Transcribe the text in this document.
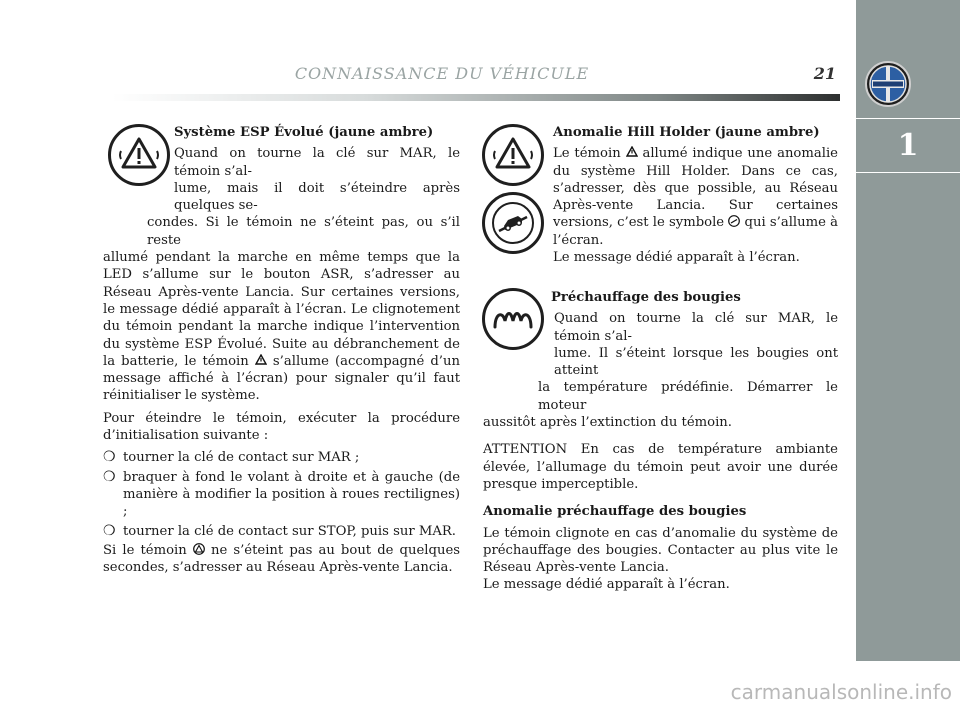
1
CONNAISSANCE DU VÉHICULE	21

Système ESP Évolué (jaune ambre)

Quand on tourne la clé sur MAR, le témoin s’al-

lume, mais il doit s’éteindre après quelques se-

condes. Si le témoin ne s’éteint pas, ou s’il reste

allumé pendant la marche en même temps que la LED s’allume sur le bouton ASR, s’adresser au Réseau Après-vente Lancia. Sur certaines versions, le message dédié apparaît à l’écran. Le clignotement du témoin pendant la marche indique l’intervention du système ESP Évolué. Suite au débranchement de la batterie, le témoin s’allume (accompagné d’un message affiché à l’écran) pour signaler qu’il faut réinitialiser le système.

Pour éteindre le témoin, exécuter la procédure d’initialisation suivante :

❍ tourner la clé de contact sur MAR ;
❍ braquer à fond le volant à droite et à gauche (de manière à modifier la position à roues rectilignes) ;
❍ tourner la clé de contact sur STOP, puis sur MAR.

Si le témoin ne s’éteint pas au bout de quelques secondes, s’adresser au Réseau Après-vente Lancia.

Anomalie Hill Holder (jaune ambre)

Le témoin allumé indique une anomalie du système Hill Holder. Dans ce cas, s’adresser, dès que possible, au Réseau Après-vente Lancia. Sur certaines versions, c’est le symbole qui s’allume à l’écran.
Le message dédié apparaît à l’écran.

Préchauffage des bougies

Quand on tourne la clé sur MAR, le témoin s’al-

lume. Il s’éteint lorsque les bougies ont atteint

la température prédéfinie. Démarrer le moteur

aussitôt après l’extinction du témoin.

ATTENTION En cas de température ambiante élevée, l’allumage du témoin peut avoir une durée presque imperceptible.

Anomalie préchauffage des bougies

Le témoin clignote en cas d’anomalie du système de préchauffage des bougies. Contacter au plus vite le Réseau Après-vente Lancia.

Le message dédié apparaît à l’écran.

carmanualsonline.info
